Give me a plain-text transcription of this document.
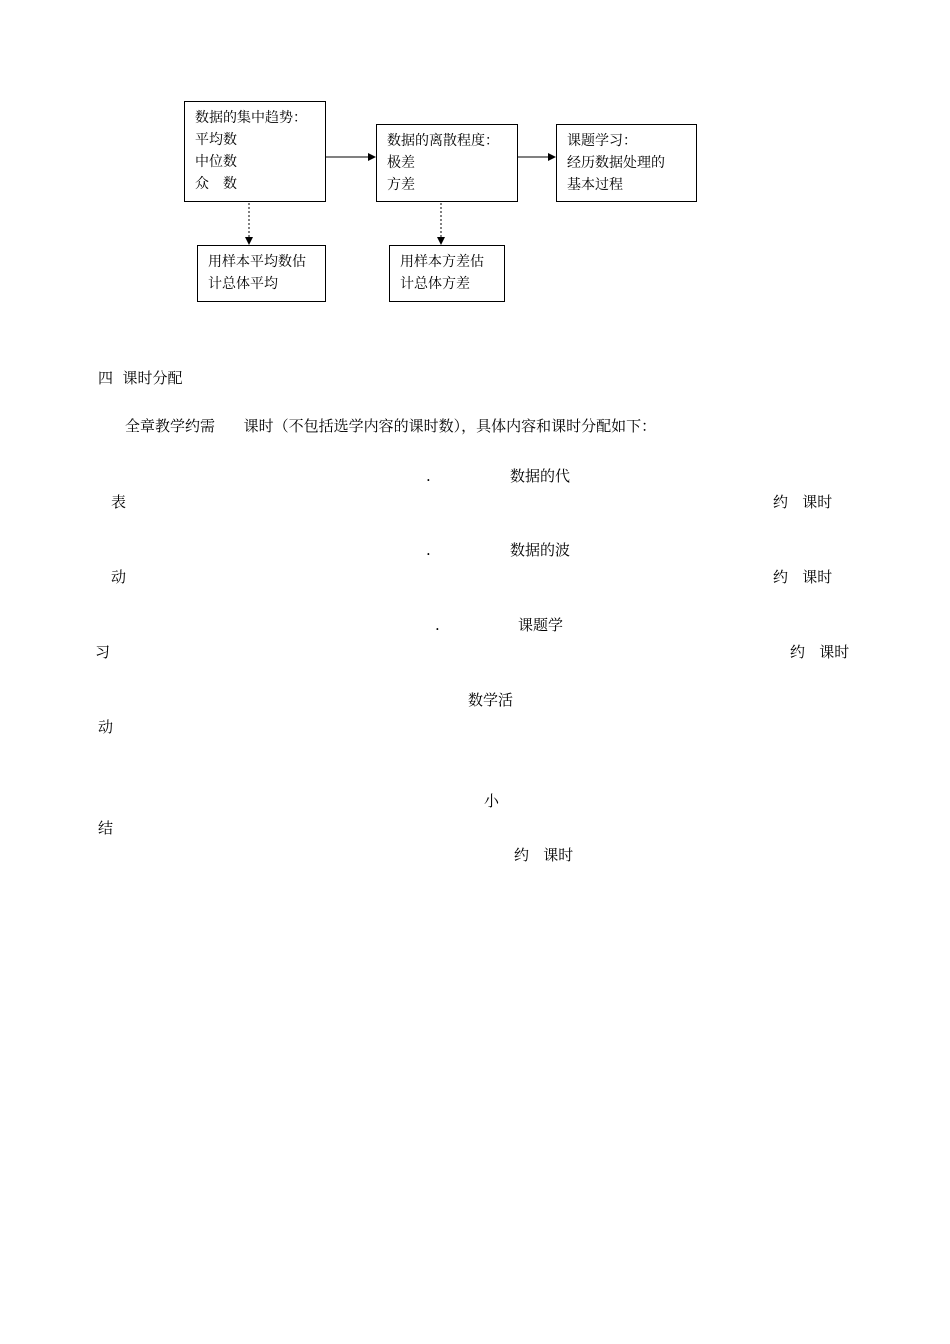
数据的集中趋势：
平均数
中位数
众　数
数据的离散程度：
极差
方差
课题学习：
经历数据处理的
基本过程
用样本平均数估
计总体平均
用样本方差估
计总体方差
四  课时分配
全章教学约需      课时（不包括选学内容的课时数），具体内容和课时分配如下：
.	数据的代
表	约   课时
.	数据的波
动	约   课时
.	课题学
习	约   课时
数学活
动
小
结
约   课时
